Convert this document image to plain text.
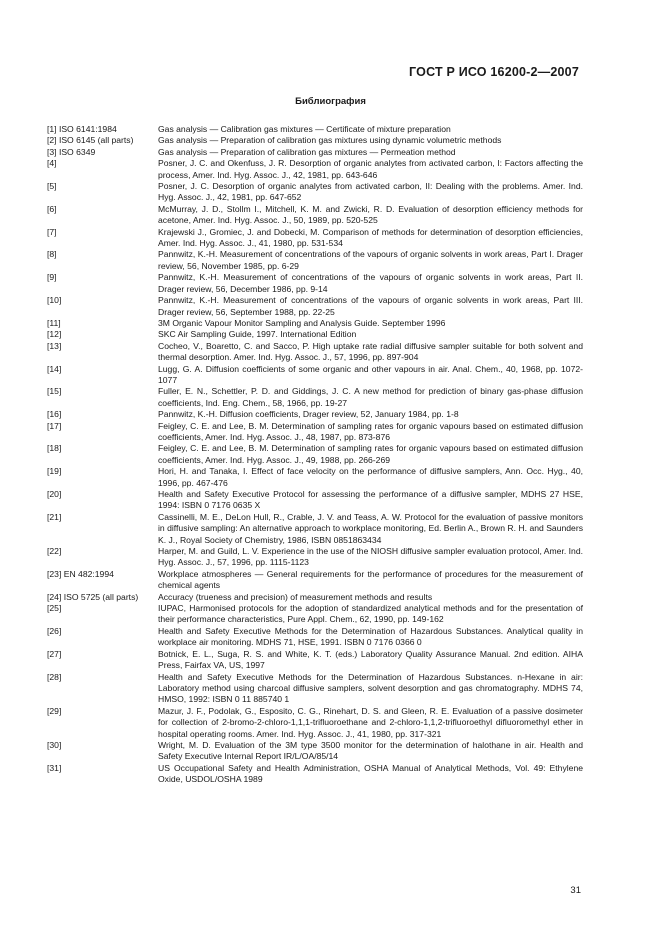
ГОСТ Р ИСО 16200-2—2007
Библиография
[1] ISO 6141:1984	Gas analysis — Calibration gas mixtures — Certificate of mixture preparation
[2] ISO 6145 (all parts)	Gas analysis — Preparation of calibration gas mixtures using dynamic volumetric methods
[3] ISO 6349	Gas analysis — Preparation of calibration gas mixtures — Permeation method
[4]	Posner, J. C. and Okenfuss, J. R. Desorption of organic analytes from activated carbon, I: Factors affecting the process, Amer. Ind. Hyg. Assoc. J., 42, 1981, pp. 643-646
[5]	Posner, J. C. Desorption of organic analytes from activated carbon, II: Dealing with the problems. Amer. Ind. Hyg. Assoc. J., 42, 1981, pp. 647-652
[6]	McMurray, J. D., Stollm I., Mitchell, K. M. and Zwicki, R. D. Evaluation of desorption efficiency methods for acetone, Amer. Ind. Hyg. Assoc. J., 50, 1989, pp. 520-525
[7]	Krajewski J., Gromiec, J. and Dobecki, M. Comparison of methods for determination of desorption efficiencies, Amer. Ind. Hyg. Assoc. J., 41, 1980, pp. 531-534
[8]	Pannwitz, K.-H. Measurement of concentrations of the vapours of organic solvents in work areas, Part I. Drager review, 56, November 1985, pp. 6-29
[9]	Pannwitz, K.-H. Measurement of concentrations of the vapours of organic solvents in work areas, Part II. Drager review, 56, December 1986, pp. 9-14
[10]	Pannwitz, K.-H. Measurement of concentrations of the vapours of organic solvents in work areas, Part III. Drager review, 56, September 1988, pp. 22-25
[11]	3M Organic Vapour Monitor Sampling and Analysis Guide. September 1996
[12]	SKC Air Sampling Guide, 1997. International Edition
[13]	Cocheo, V., Boaretto, C. and Sacco, P. High uptake rate radial diffusive sampler suitable for both solvent and thermal desorption. Amer. Ind. Hyg. Assoc. J., 57, 1996, pp. 897-904
[14]	Lugg, G. A. Diffusion coefficients of some organic and other vapours in air. Anal. Chem., 40, 1968, pp. 1072-1077
[15]	Fuller, E. N., Schettler, P. D. and Giddings, J. C. A new method for prediction of binary gas-phase diffusion coefficients, Ind. Eng. Chem., 58, 1966, pp. 19-27
[16]	Pannwitz, K.-H. Diffusion coefficients, Drager review, 52, January 1984, pp. 1-8
[17]	Feigley, C. E. and Lee, B. M. Determination of sampling rates for organic vapours based on estimated diffusion coefficients, Amer. Ind. Hyg. Assoc. J., 48, 1987, pp. 873-876
[18]	Feigley, C. E. and Lee, B. M. Determination of sampling rates for organic vapours based on estimated diffusion coefficients, Amer. Ind. Hyg. Assoc. J., 49, 1988, pp. 266-269
[19]	Hori, H. and Tanaka, I. Effect of face velocity on the performance of diffusive samplers, Ann. Occ. Hyg., 40, 1996, pp. 467-476
[20]	Health and Safety Executive Protocol for assessing the performance of a diffusive sampler, MDHS 27 HSE, 1994: ISBN 0 7176 0635 X
[21]	Cassinelli, M. E., DeLon Hull, R., Crable, J. V. and Teass, A. W. Protocol for the evaluation of passive monitors in diffusive sampling: An alternative approach to workplace monitoring, Ed. Berlin A., Brown R. H. and Saunders K. J., Royal Society of Chemistry, 1986, ISBN 0851863434
[22]	Harper, M. and Guild, L. V. Experience in the use of the NIOSH diffusive sampler evaluation protocol, Amer. Ind. Hyg. Assoc. J., 57, 1996, pp. 1115-1123
[23] EN 482:1994	Workplace atmospheres — General requirements for the performance of procedures for the measurement of chemical agents
[24] ISO 5725 (all parts)	Accuracy (trueness and precision) of measurement methods and results
[25]	IUPAC, Harmonised protocols for the adoption of standardized analytical methods and for the presentation of their performance characteristics, Pure Appl. Chem., 62, 1990, pp. 149-162
[26]	Health and Safety Executive Methods for the Determination of Hazardous Substances. Analytical quality in workplace air monitoring. MDHS 71, HSE, 1991. ISBN 0 7176 0366 0
[27]	Botnick, E. L., Suga, R. S. and White, K. T. (eds.) Laboratory Quality Assurance Manual. 2nd edition. AIHA Press, Fairfax VA, US, 1997
[28]	Health and Safety Executive Methods for the Determination of Hazardous Substances. n-Hexane in air: Laboratory method using charcoal diffusive samplers, solvent desorption and gas chromatography. MDHS 74, HMSO, 1992: ISBN 0 11 885740 1
[29]	Mazur, J. F., Podolak, G., Esposito, C. G., Rinehart, D. S. and Gleen, R. E. Evaluation of a passive dosimeter for collection of 2-bromo-2-chloro-1,1,1-trifluoroethane and 2-chloro-1,1,2-trifluoroethyl difluoromethyl ether in hospital operating rooms. Amer. Ind. Hyg. Assoc. J., 41, 1980, pp. 317-321
[30]	Wright, M. D. Evaluation of the 3M type 3500 monitor for the determination of halothane in air. Health and Safety Executive Internal Report IR/L/OA/85/14
[31]	US Occupational Safety and Health Administration, OSHA Manual of Analytical Methods, Vol. 49: Ethylene Oxide, USDOL/OSHA 1989
31
